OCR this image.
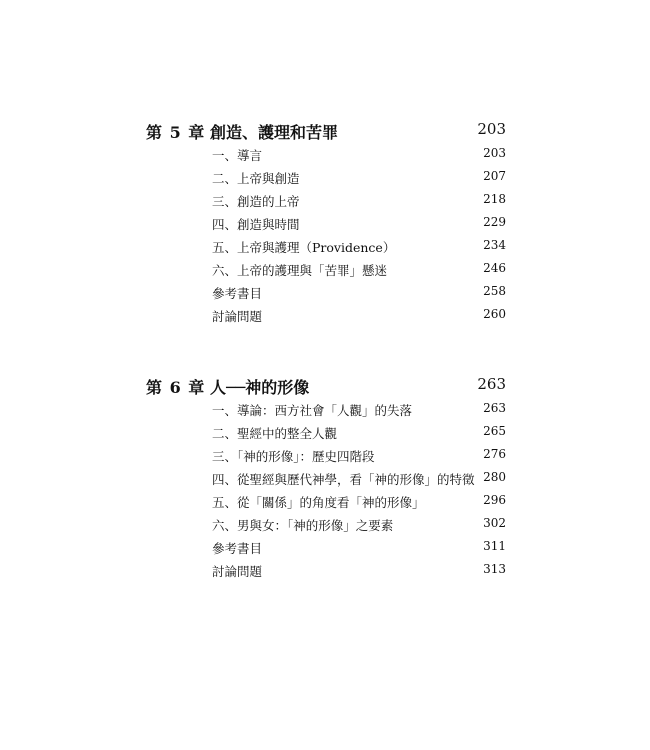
第 5 章 創造、護理和苦罪	203
一、導言	203
二、上帝與創造	207
三、創造的上帝	218
四、創造與時間	229
五、上帝與護理（Providence）	234
六、上帝的護理與「苦罪」懸迷	246
參考書目	258
討論問題	260
第 6 章 人──神的形像	263
一、導論：西方社會「人觀」的失落	263
二、聖經中的整全人觀	265
三、「神的形像」：歷史四階段	276
四、從聖經與歷代神學，看「神的形像」的特徵 280
五、從「關係」的角度看「神的形像」	296
六、男與女：「神的形像」之要素	302
參考書目	311
討論問題	313
